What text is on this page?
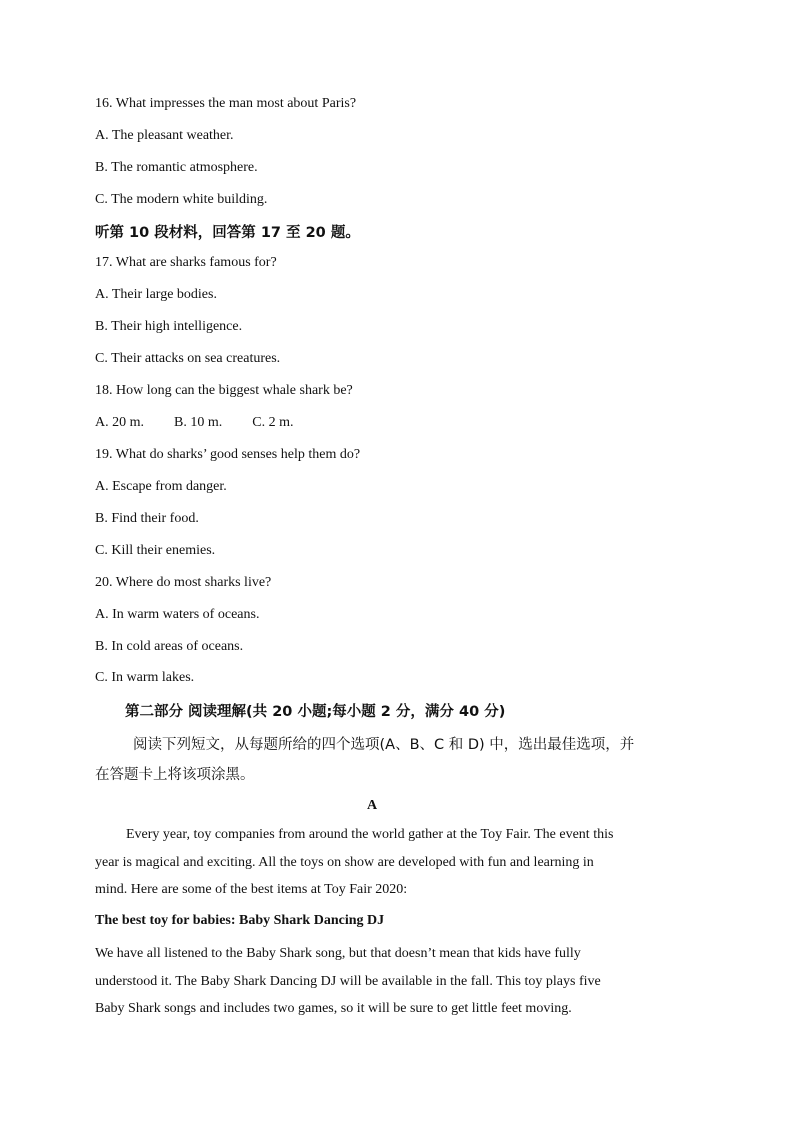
16. What impresses the man most about Paris?
A. The pleasant weather.
B. The romantic atmosphere.
C. The modern white building.
听第 10 段材料，回答第 17 至 20 题。
17. What are sharks famous for?
A. Their large bodies.
B. Their high intelligence.
C. Their attacks on sea creatures.
18. How long can the biggest whale shark be?
A. 20 m. B. 10 m. C. 2 m.
19. What do sharks’ good senses help them do?
A. Escape from danger.
B. Find their food.
C. Kill their enemies.
20. Where do most sharks live?
A. In warm waters of oceans.
B. In cold areas of oceans.
C. In warm lakes.
第二部分 阅读理解(共 20 小题;每小题 2 分，满分 40 分)
阅读下列短文，从每题所给的四个选项(A、B、C 和 D) 中，选出最佳选项，并
在答题卡上将该项涂黑。
A
Every year, toy companies from around the world gather at the Toy Fair. The event this
year is magical and exciting. All the toys on show are developed with fun and learning in
mind. Here are some of the best items at Toy Fair 2020:
The best toy for babies: Baby Shark Dancing DJ
We have all listened to the Baby Shark song, but that doesn’t mean that kids have fully
understood it. The Baby Shark Dancing DJ will be available in the fall. This toy plays five
Baby Shark songs and includes two games, so it will be sure to get little feet moving.
